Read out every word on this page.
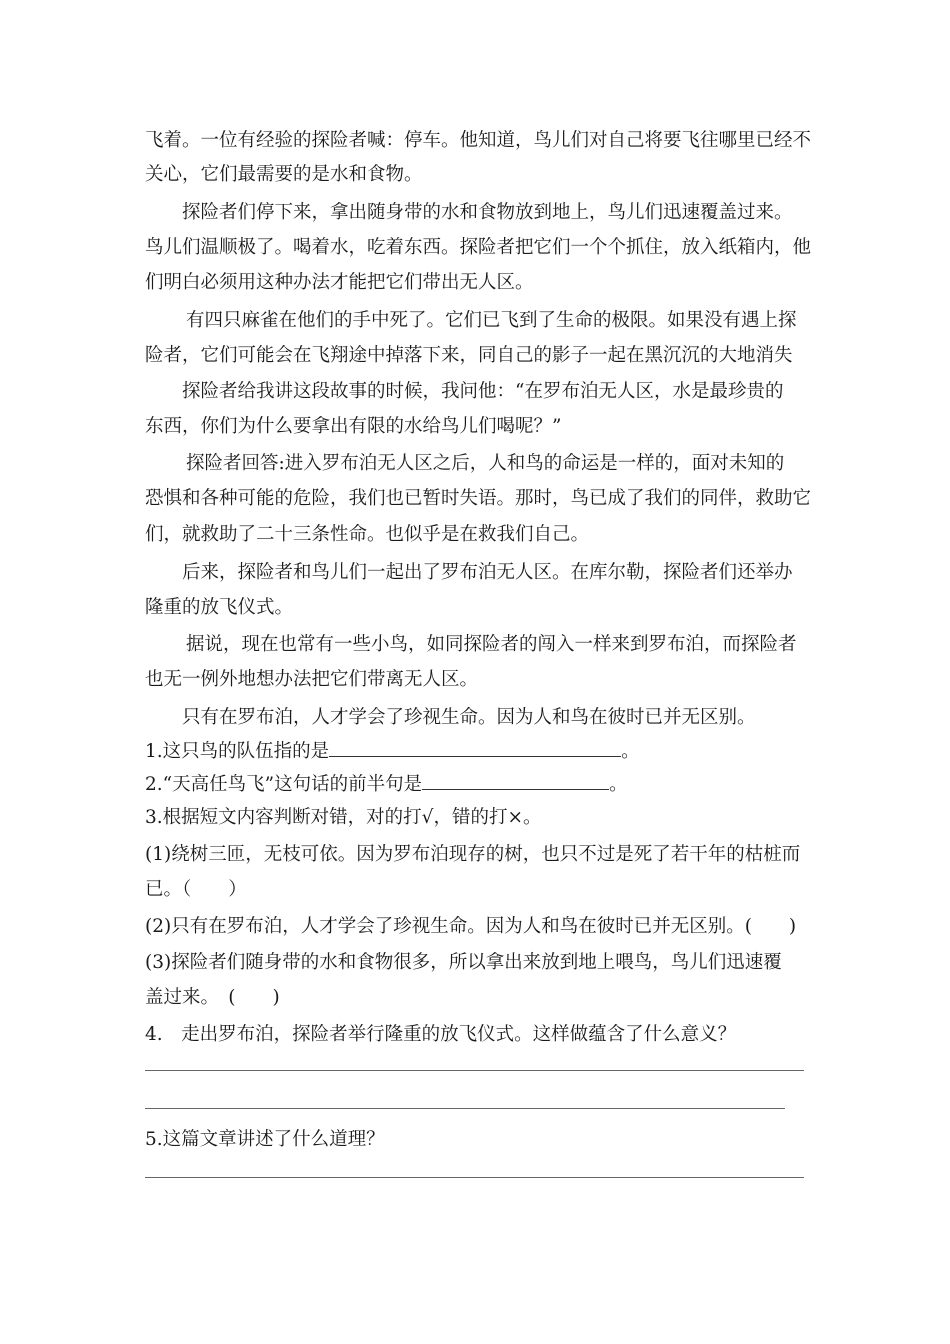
飞着。一位有经验的探险者喊：停车。他知道，鸟儿们对自己将要飞往哪里已经不
关心，它们最需要的是水和食物。
探险者们停下来，拿出随身带的水和食物放到地上，鸟儿们迅速覆盖过来。
鸟儿们温顺极了。喝着水，吃着东西。探险者把它们一个个抓住，放入纸箱内，他
们明白必须用这种办法才能把它们带出无人区。
有四只麻雀在他们的手中死了。它们已飞到了生命的极限。如果没有遇上探
险者，它们可能会在飞翔途中掉落下来，同自己的影子一起在黑沉沉的大地消失
探险者给我讲这段故事的时候，我问他：“在罗布泊无人区，水是最珍贵的
东西，你们为什么要拿出有限的水给鸟儿们喝呢？”
探险者回答:进入罗布泊无人区之后，人和鸟的命运是一样的，面对未知的
恐惧和各种可能的危险，我们也已暂时失语。那时，鸟已成了我们的同伴，救助它
们，就救助了二十三条性命。也似乎是在救我们自己。
后来，探险者和鸟儿们一起出了罗布泊无人区。在库尔勒，探险者们还举办
隆重的放飞仪式。
据说，现在也常有一些小鸟，如同探险者的闯入一样来到罗布泊，而探险者
也无一例外地想办法把它们带离无人区。
只有在罗布泊，人才学会了珍视生命。因为人和鸟在彼时已并无区别。
1.这只鸟的队伍指的是	。
2.“天高任鸟飞”这句话的前半句是	。
3.根据短文内容判断对错，对的打√，错的打×。
(1)绕树三匝，无枝可依。因为罗布泊现存的树，也只不过是死了若干年的枯桩而
已。（　　）
(2)只有在罗布泊，人才学会了珍视生命。因为人和鸟在彼时已并无区别。(　　)
(3)探险者们随身带的水和食物很多，所以拿出来放到地上喂鸟，鸟儿们迅速覆
盖过来。　(　　)
4.　走出罗布泊，探险者举行隆重的放飞仪式。这样做蕴含了什么意义？
5.这篇文章讲述了什么道理？
